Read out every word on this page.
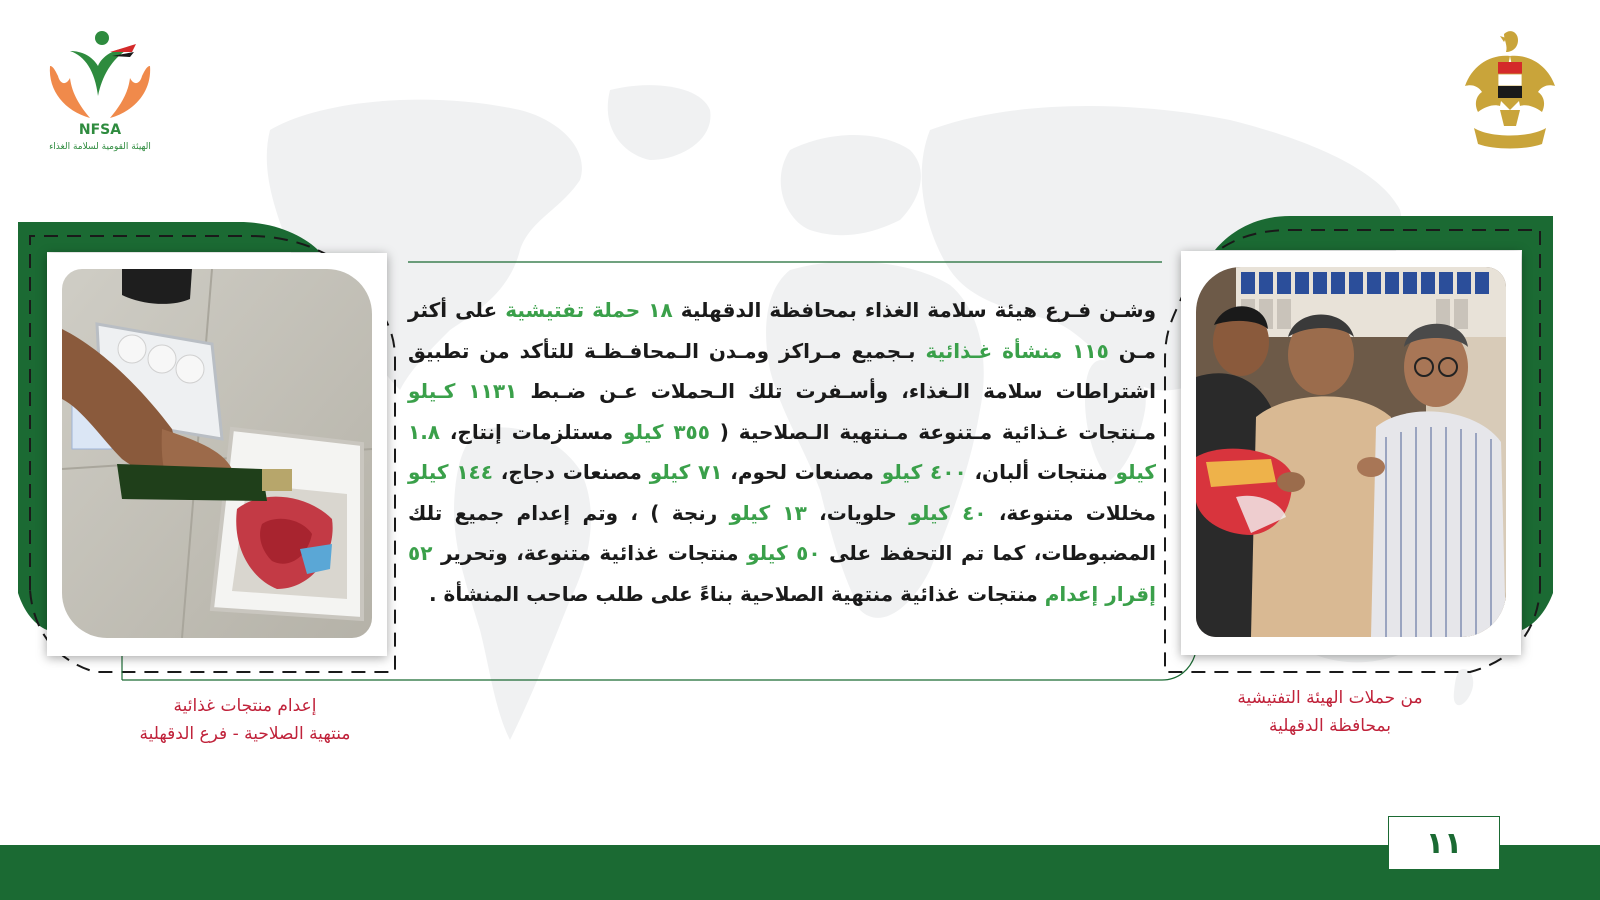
NFSA
الهيئة القومية لسلامة الغذاء

وشـن فـرع هيئة سلامة الغذاء بمحافظة الدقهلية ١٨ حملة تفتيشية على أكثر مـن ١١٥ منشأة غـذائية بـجميع مـراكز ومـدن الـمحافـظـة للتأكد من تطبيق اشتراطات سلامة الـغذاء، وأسـفرت تلك الـحملات عـن ضـبط ١١٣١ كـيلو مـنتجات غـذائية مـتنوعة مـنتهية الـصلاحية ( ٣٥٥ كيلو مستلزمات إنتاج، ١.٨ كيلو منتجات ألبان، ٤٠٠ كيلو مصنعات لحوم، ٧١ كيلو مصنعات دجاج، ١٤٤ كيلو مخللات متنوعة، ٤٠ كيلو حلويات، ١٣ كيلو رنجة ) ، وتم إعدام جميع تلك المضبوطات، كما تم التحفظ على ٥٠ كيلو منتجات غذائية متنوعة، وتحرير ٥٢ إقرار إعدام منتجات غذائية منتهية الصلاحية بناءً على طلب صاحب المنشأة .

إعدام منتجات غذائية
منتهية الصلاحية - فرع الدقهلية
من حملات الهيئة التفتيشية
بمحافظة الدقهلية
١١
